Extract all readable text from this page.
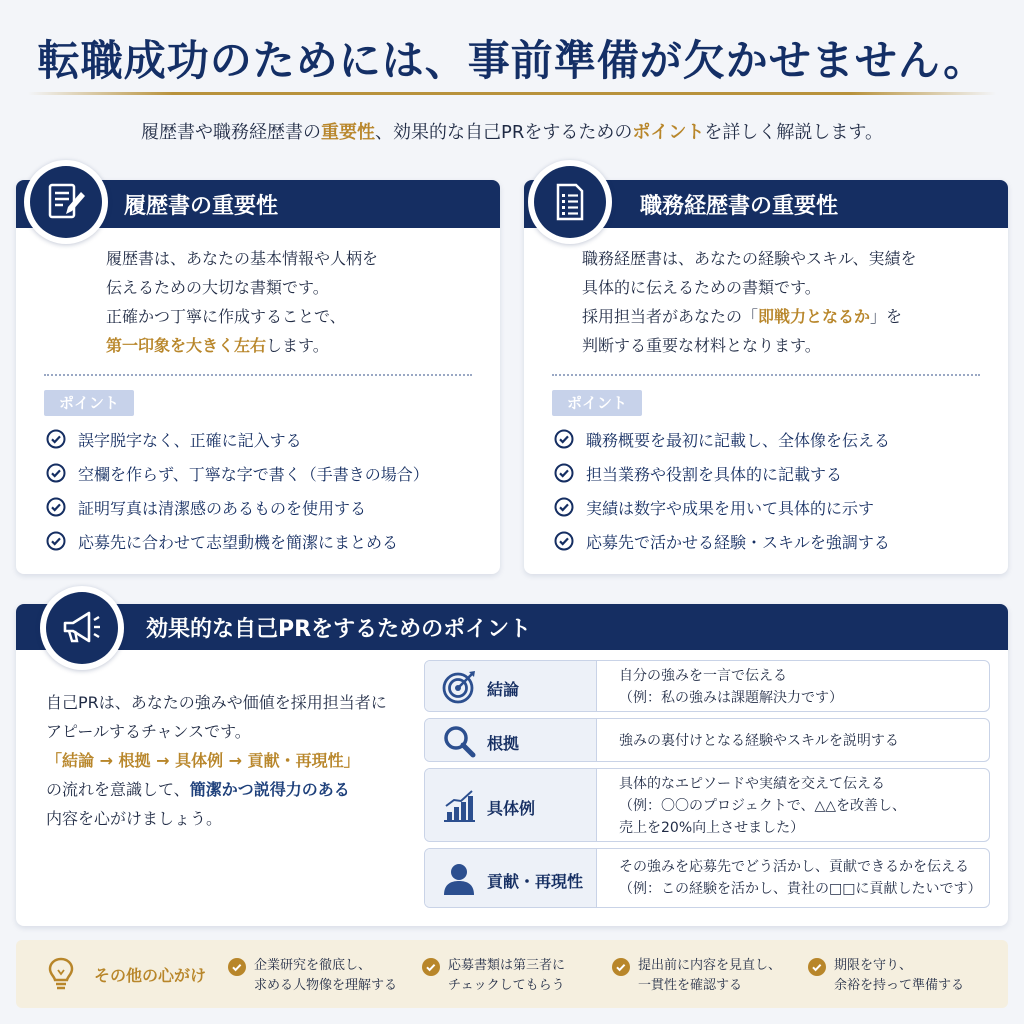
転職成功のためには、事前準備が欠かせません。
履歴書や職務経歴書の重要性、効果的な自己PRをするためのポイントを詳しく解説します。
履歴書の重要性
履歴書は、あなたの基本情報や人柄を
伝えるための大切な書類です。
正確かつ丁寧に作成することで、
第一印象を大きく左右します。
ポイント
誤字脱字なく、正確に記入する
空欄を作らず、丁寧な字で書く（手書きの場合）
証明写真は清潔感のあるものを使用する
応募先に合わせて志望動機を簡潔にまとめる
職務経歴書の重要性
職務経歴書は、あなたの経験やスキル、実績を
具体的に伝えるための書類です。
採用担当者があなたの「即戦力となるか」を
判断する重要な材料となります。
ポイント
職務概要を最初に記載し、全体像を伝える
担当業務や役割を具体的に記載する
実績は数字や成果を用いて具体的に示す
応募先で活かせる経験・スキルを強調する
効果的な自己PRをするためのポイント
自己PRは、あなたの強みや価値を採用担当者に
アピールするチャンスです。
「結論 → 根拠 → 具体例 → 貢献・再現性」
の流れを意識して、簡潔かつ説得力のある
内容を心がけましょう。
結論
自分の強みを一言で伝える
（例：私の強みは課題解決力です）
根拠	強みの裏付けとなる経験やスキルを説明する
具体例
具体的なエピソードや実績を交えて伝える
（例：〇〇のプロジェクトで、△△を改善し、
売上を20%向上させました）
貢献・再現性
その強みを応募先でどう活かし、貢献できるかを伝える
（例：この経験を活かし、貴社の□□に貢献したいです）
その他の心がけ
企業研究を徹底し、
求める人物像を理解する
応募書類は第三者に
チェックしてもらう
提出前に内容を見直し、
一貫性を確認する
期限を守り、
余裕を持って準備する
